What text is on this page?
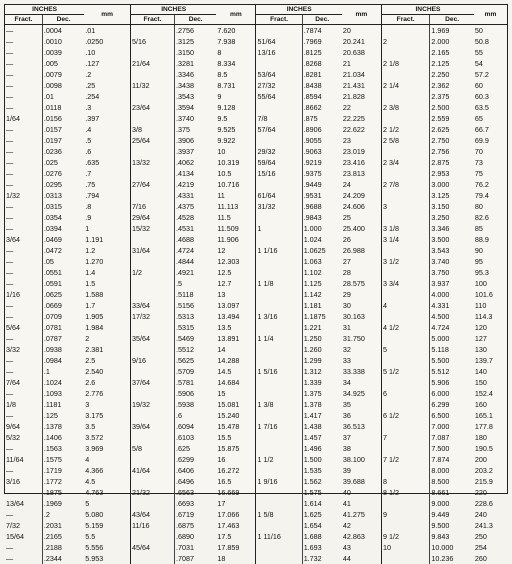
INCHES		mm	INCHES		mm	INCHES		mm	INCHES		mm
Fract.	Dec.		Fract.	Dec.		Fract.	Dec.		Fract.	Dec.	
—	.0004	.01		.2756	7.620		.7874	20		1.969	50
—	.0010	.0250	5/16	.3125	7.938	51/64	.7969	20.241	2	2.000	50.8
—	.0039	.10		.3150	8	13/16	.8125	20.638		2.165	55
—	.005	.127	21/64	.3281	8.334		.8268	21	2 1/8	2.125	54
—	.0079	.2		.3346	8.5	53/64	.8281	21.034		2.250	57.2
—	.0098	.25	11/32	.3438	8.731	27/32	.8438	21.431	2 1/4	2.362	60
—	.01	.254		.3543	9	55/64	.8594	21.828		2.375	60.3
—	.0118	.3	23/64	.3594	9.128		.8662	22	2 3/8	2.500	63.5
1/64	.0156	.397		.3740	9.5	7/8	.875	22.225		2.559	65
—	.0157	.4	3/8	.375	9.525	57/64	.8906	22.622	2 1/2	2.625	66.7
—	.0197	.5	25/64	.3906	9.922		.9055	23	2 5/8	2.750	69.9
—	.0236	.6		.3937	10	29/32	.9063	23.019		2.756	70
—	.025	.635	13/32	.4062	10.319	59/64	.9219	23.416	2 3/4	2.875	73
—	.0276	.7		.4134	10.5	15/16	.9375	23.813		2.953	75
—	.0295	.75	27/64	.4219	10.716		.9449	24	2 7/8	3.000	76.2
1/32	.0313	.794		.4331	11	61/64	.9531	24.209		3.125	79.4
—	.0315	.8	7/16	.4375	11.113	31/32	.9688	24.606	3	3.150	80
—	.0354	.9	29/64	.4528	11.5		.9843	25		3.250	82.6
—	.0394	1	15/32	.4531	11.509	1	1.000	25.400	3 1/8	3.346	85
3/64	.0469	1.191		.4688	11.906		1.024	26	3 1/4	3.500	88.9
—	.0472	1.2	31/64	.4724	12	1 1/16	1.0625	26.988		3.543	90
—	.05	1.270		.4844	12.303		1.063	27	3 1/2	3.740	95
—	.0551	1.4	1/2	.4921	12.5		1.102	28		3.750	95.3
—	.0591	1.5		.5	12.7	1 1/8	1.125	28.575	3 3/4	3.937	100
1/16	.0625	1.588		.5118	13		1.142	29		4.000	101.6
—	.0669	1.7	33/64	.5156	13.097		1.181	30	4	4.331	110
—	.0709	1.905	17/32	.5313	13.494	1 3/16	1.1875	30.163		4.500	114.3
5/64	.0781	1.984		.5315	13.5		1.221	31	4 1/2	4.724	120
—	.0787	2	35/64	.5469	13.891	1 1/4	1.250	31.750		5.000	127
3/32	.0938	2.381		.5512	14		1.260	32	5	5.118	130
—	.0984	2.5	9/16	.5625	14.288		1.299	33		5.500	139.7
—	.1	2.540		.5709	14.5	1 5/16	1.312	33.338	5 1/2	5.512	140
7/64	.1024	2.6	37/64	.5781	14.684		1.339	34		5.906	150
—	.1093	2.776		.5906	15		1.375	34.925	6	6.000	152.4
1/8	.1181	3	19/32	.5938	15.081	1 3/8	1.378	35		6.299	160
—	.125	3.175		.6	15.240		1.417	36	6 1/2	6.500	165.1
9/64	.1378	3.5	39/64	.6094	15.478	1 7/16	1.438	36.513		7.000	177.8
5/32	.1406	3.572		.6103	15.5		1.457	37	7	7.087	180
—	.1563	3.969	5/8	.625	15.875		1.496	38		7.500	190.5
11/64	.1575	4		.6299	16	1 1/2	1.500	38.100	7 1/2	7.874	200
—	.1719	4.366	41/64	.6406	16.272		1.535	39		8.000	203.2
3/16	.1772	4.5		.6496	16.5	1 9/16	1.562	39.688	8	8.500	215.9
—	.1875	4.763	21/32	.6563	16.669		1.575	40	8 1/2	8.661	220
13/64	.1969	5		.6693	17		1.614	41		9.000	228.6
—	.2	5.080	43/64	.6719	17.066	1 5/8	1.625	41.275	9	9.449	240
7/32	.2031	5.159	11/16	.6875	17.463		1.654	42		9.500	241.3
15/64	.2165	5.5		.6890	17.5	1 11/16	1.688	42.863	9 1/2	9.843	250
—	.2188	5.556	45/64	.7031	17.859		1.693	43	10	10.000	254
—	.2344	5.953		.7087	18		1.732	44		10.236	260
